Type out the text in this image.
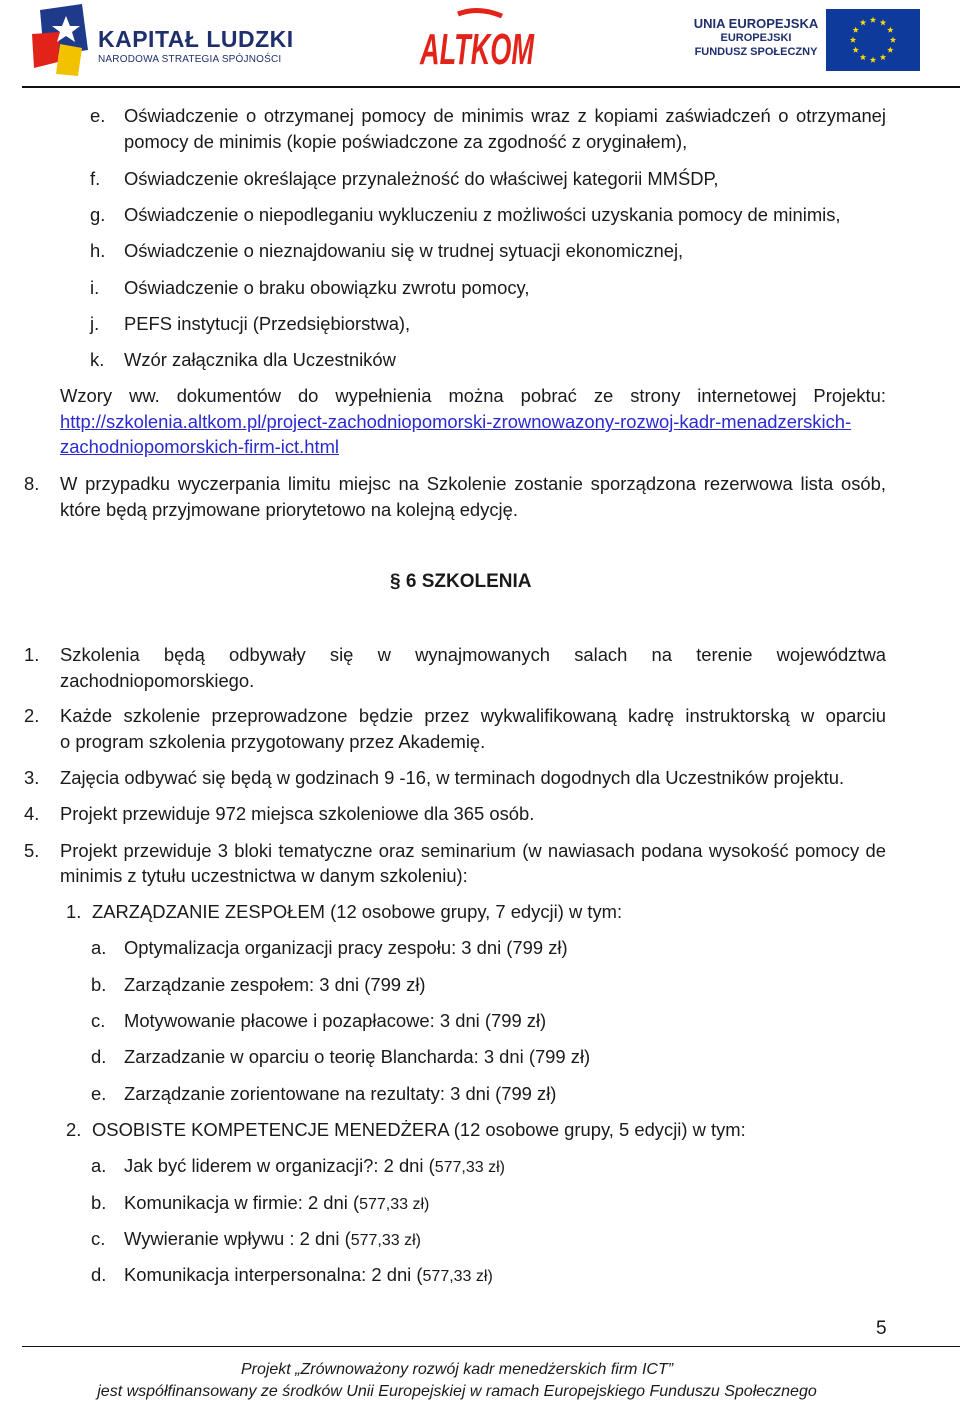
KAPITAŁ LUDZKI
NARODOWA STRATEGIA SPÓJNOŚCI	ALTKOM
UNIA EUROPEJSKA
EUROPEJSKI
FUNDUSZ SPOŁECZNY
e. Oświadczenie o otrzymanej pomocy de minimis wraz z kopiami zaświadczeń o otrzymanej
pomocy de minimis (kopie poświadczone za zgodność z oryginałem),
f. Oświadczenie określające przynależność do właściwej kategorii MMŚDP,
g. Oświadczenie o niepodleganiu wykluczeniu z możliwości uzyskania pomocy de minimis,
h. Oświadczenie o nieznajdowaniu się w trudnej sytuacji ekonomicznej,
i. Oświadczenie o braku obowiązku zwrotu pomocy,
j. PEFS instytucji (Przedsiębiorstwa),
k. Wzór załącznika dla Uczestników
Wzory ww. dokumentów do wypełnienia można pobrać ze strony internetowej Projektu:
http://szkolenia.altkom.pl/project-zachodniopomorski-zrownowazony-rozwoj-kadr-menadzerskich-
zachodniopomorskich-firm-ict.html
8. W przypadku wyczerpania limitu miejsc na Szkolenie zostanie sporządzona rezerwowa lista osób,
które będą przyjmowane priorytetowo na kolejną edycję.
§ 6 SZKOLENIA
1. Szkolenia będą odbywały się w wynajmowanych salach na terenie województwa
zachodniopomorskiego.
2. Każde szkolenie przeprowadzone będzie przez wykwalifikowaną kadrę instruktorską w oparciu
o program szkolenia przygotowany przez Akademię.
3. Zajęcia odbywać się będą w godzinach 9 -16, w terminach dogodnych dla Uczestników projektu.
4. Projekt przewiduje 972 miejsca szkoleniowe dla 365 osób.
5. Projekt przewiduje 3 bloki tematyczne oraz seminarium (w nawiasach podana wysokość pomocy de
minimis z tytułu uczestnictwa w danym szkoleniu):
1. ZARZĄDZANIE ZESPOŁEM (12 osobowe grupy, 7 edycji) w tym:
a. Optymalizacja organizacji pracy zespołu: 3 dni (799 zł)
b. Zarządzanie zespołem: 3 dni (799 zł)
c. Motywowanie płacowe i pozapłacowe: 3 dni (799 zł)
d. Zarzadzanie w oparciu o teorię Blancharda: 3 dni (799 zł)
e. Zarządzanie zorientowane na rezultaty: 3 dni (799 zł)
2. OSOBISTE KOMPETENCJE MENEDŻERA (12 osobowe grupy, 5 edycji) w tym:
a. Jak być liderem w organizacji?: 2 dni (577,33 zł)
b. Komunikacja w firmie: 2 dni (577,33 zł)
c. Wywieranie wpływu : 2 dni (577,33 zł)
d. Komunikacja interpersonalna: 2 dni (577,33 zł)
5
Projekt „Zrównoważony rozwój kadr menedżerskich firm ICT”
jest współfinansowany ze środków Unii Europejskiej w ramach Europejskiego Funduszu Społecznego
